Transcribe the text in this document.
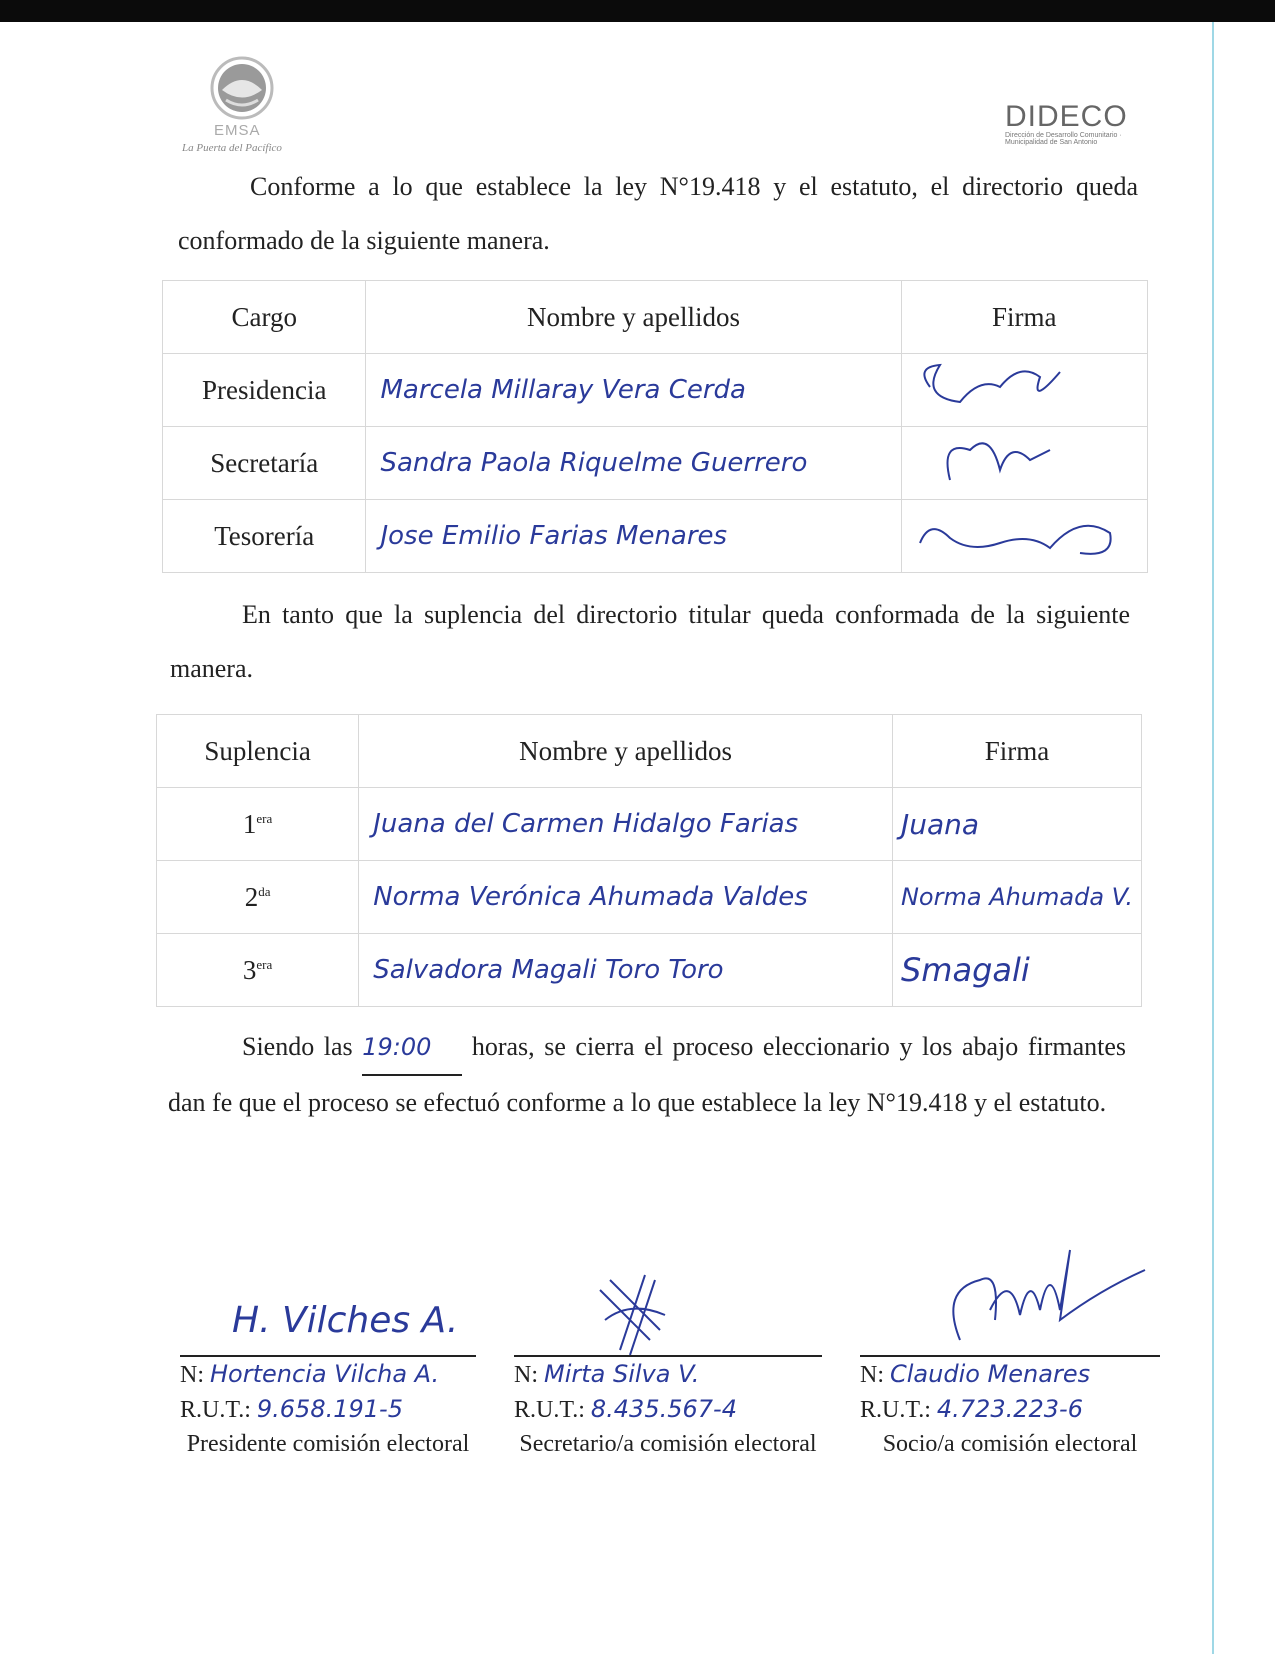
EMSA
La Puerta del Pacífico
DIDECO
Dirección de Desarrollo Comunitario · Municipalidad de San Antonio
Conforme a lo que establece la ley N°19.418 y el estatuto, el directorio queda conformado de la siguiente manera.
Cargo	Nombre y apellidos	Firma
Presidencia	Marcela Millaray Vera Cerda	
Secretaría	Sandra Paola Riquelme Guerrero	
Tesorería	Jose Emilio Farias Menares	
En tanto que la suplencia del directorio titular queda conformada de la siguiente manera.
Suplencia	Nombre y apellidos	Firma
$1^{era}$	Juana del Carmen Hidalgo Farias	Juana
$2^{da}$	Norma Verónica Ahumada Valdes	Norma Ahumada V.
$3^{era}$	Salvadora Magali Toro Toro	Smagali
Siendo las 19:00 horas, se cierra el proceso eleccionario y los abajo firmantes dan fe que el proceso se efectuó conforme a lo que establece la ley N°19.418 y el estatuto.
H. Vilches A.
N: Hortencia Vilcha A.
R.U.T.: 9.658.191-5
Presidente comisión electoral
N: Mirta Silva V.
R.U.T.: 8.435.567-4
Secretario/a comisión electoral
N: Claudio Menares
R.U.T.: 4.723.223-6
Socio/a comisión electoral
